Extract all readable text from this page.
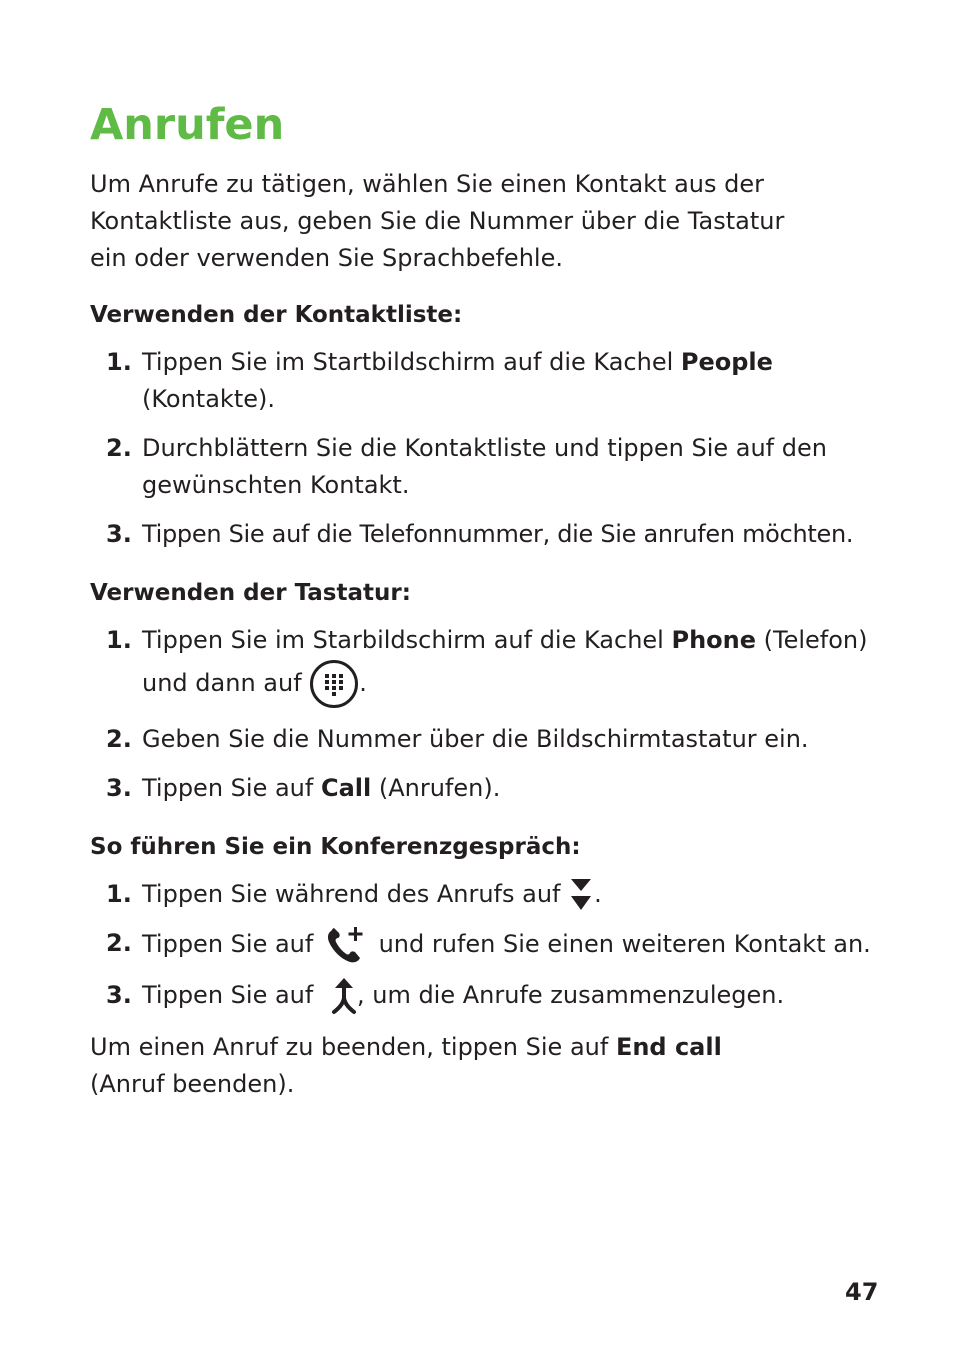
Anrufen

Um Anrufe zu tätigen, wählen Sie einen Kontakt aus der Kontaktliste aus, geben Sie die Nummer über die Tastatur ein oder verwenden Sie Sprachbefehle.

Verwenden der Kontaktliste:
1. Tippen Sie im Startbildschirm auf die Kachel People
(Kontakte).
2. Durchblättern Sie die Kontaktliste und tippen Sie auf den gewünschten Kontakt.
3. Tippen Sie auf die Telefonnummer, die Sie anrufen möchten.
Verwenden der Tastatur:
1. Tippen Sie im Starbildschirm auf die Kachel Phone (Telefon) und dann auf
.
2. Geben Sie die Nummer über die Bildschirmtastatur ein.
3. Tippen Sie auf Call (Anrufen).
So führen Sie ein Konferenzgespräch:
1. Tippen Sie während des Anrufs auf
.
2. Tippen Sie auf
und rufen Sie einen weiteren Kontakt an.
3. Tippen Sie auf
, um die Anrufe zusammenzulegen.

Um einen Anruf zu beenden, tippen Sie auf End call
(Anruf beenden).

47
